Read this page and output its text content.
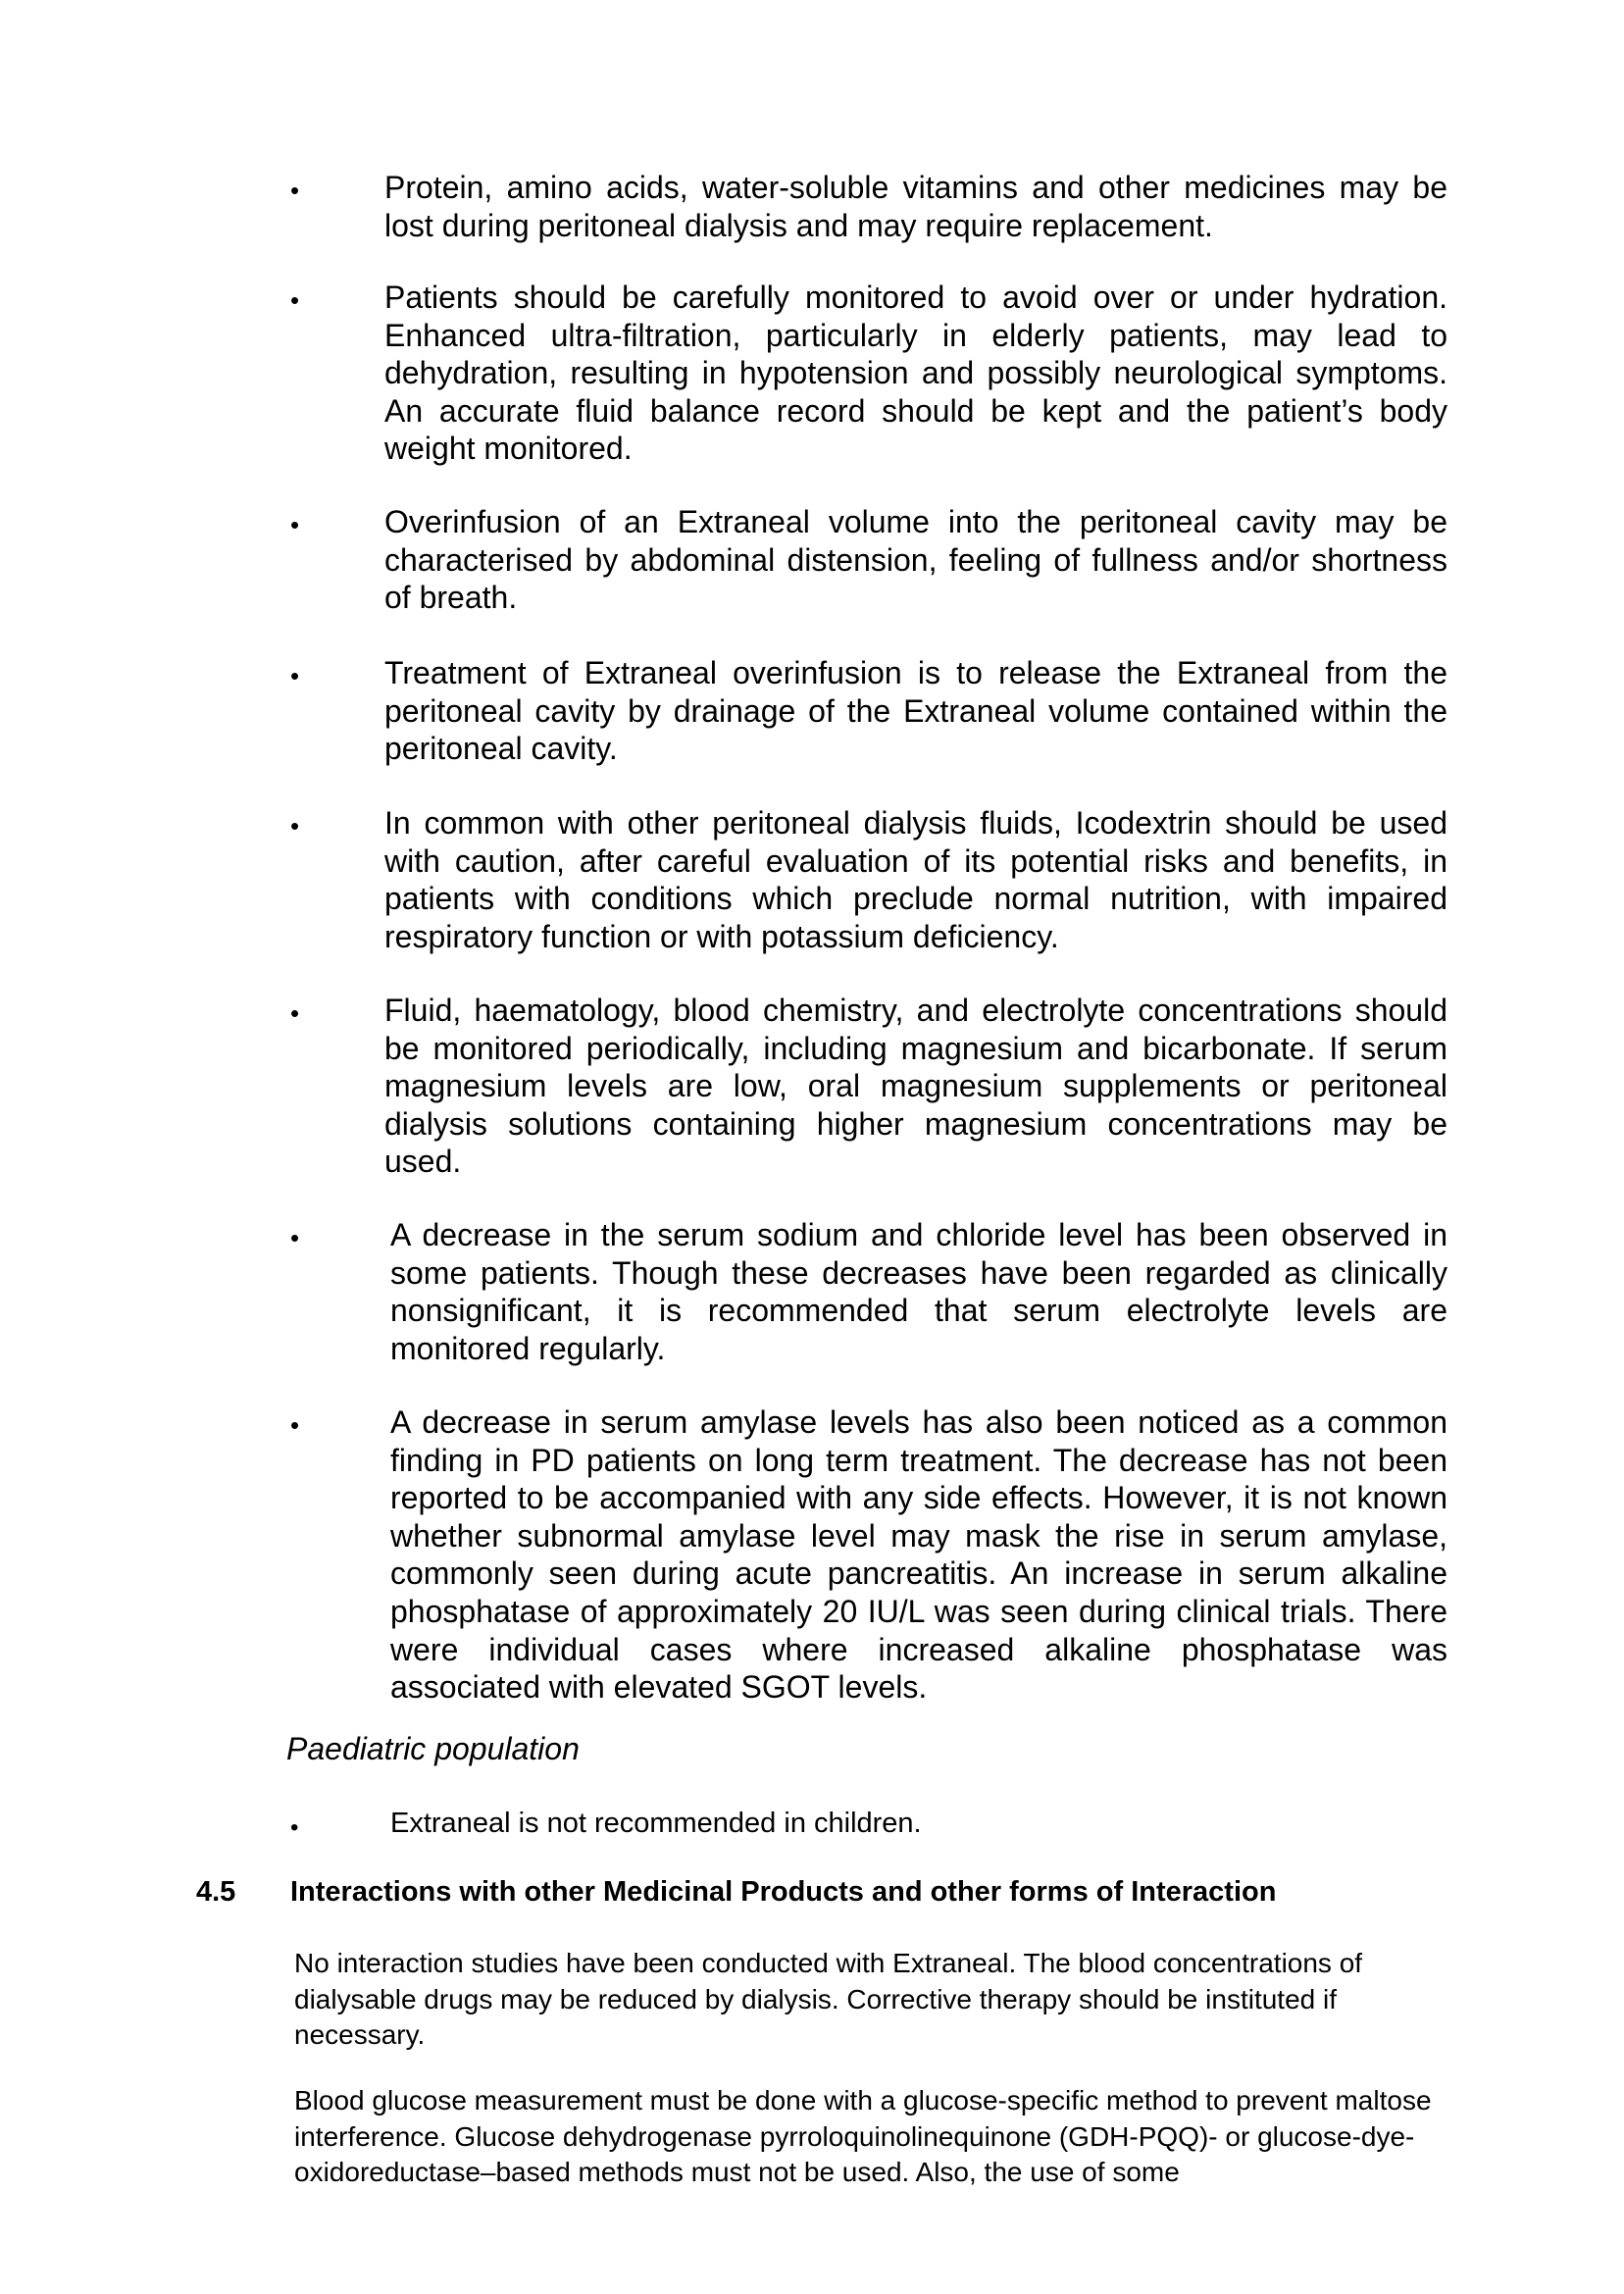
•	Protein, amino acids, water-soluble vitamins and other medicines may be lost during peritoneal dialysis and may require replacement.
•	Patients should be carefully monitored to avoid over or under hydration. Enhanced ultra-filtration, particularly in elderly patients, may lead to dehydration, resulting in hypotension and possibly neurological symptoms. An accurate fluid balance record should be kept and the patient’s body weight monitored.
•	Overinfusion of an Extraneal volume into the peritoneal cavity may be characterised by abdominal distension, feeling of fullness and/or shortness of breath.
•	Treatment of Extraneal overinfusion is to release the Extraneal from the peritoneal cavity by drainage of the Extraneal volume contained within the peritoneal cavity.
•	In common with other peritoneal dialysis fluids, Icodextrin should be used with caution, after careful evaluation of its potential risks and benefits, in patients with conditions which preclude normal nutrition, with impaired respiratory function or with potassium deficiency.
•	Fluid, haematology, blood chemistry, and electrolyte concentrations should be monitored periodically, including magnesium and bicarbonate. If serum magnesium levels are low, oral magnesium supplements or peritoneal dialysis solutions containing higher magnesium concentrations may be used.
•	A decrease in the serum sodium and chloride level has been observed in some patients. Though these decreases have been regarded as clinically nonsignificant, it is recommended that serum electrolyte levels are monitored regularly.
•	A decrease in serum amylase levels has also been noticed as a common finding in PD patients on long term treatment. The decrease has not been reported to be accompanied with any side effects. However, it is not known whether subnormal amylase level may mask the rise in serum amylase, commonly seen during acute pancreatitis. An increase in serum alkaline phosphatase of approximately 20 IU/L was seen during clinical trials. There were individual cases where increased alkaline phosphatase was associated with elevated SGOT levels.
Paediatric population
•	Extraneal is not recommended in children.
4.5 Interactions with other Medicinal Products and other forms of Interaction
No interaction studies have been conducted with Extraneal. The blood concentrations of dialysable drugs may be reduced by dialysis. Corrective therapy should be instituted if necessary.
Blood glucose measurement must be done with a glucose-specific method to prevent maltose interference. Glucose dehydrogenase pyrroloquinolinequinone (GDH-PQQ)- or glucose-dye-oxidoreductase–based methods must not be used. Also, the use of some
